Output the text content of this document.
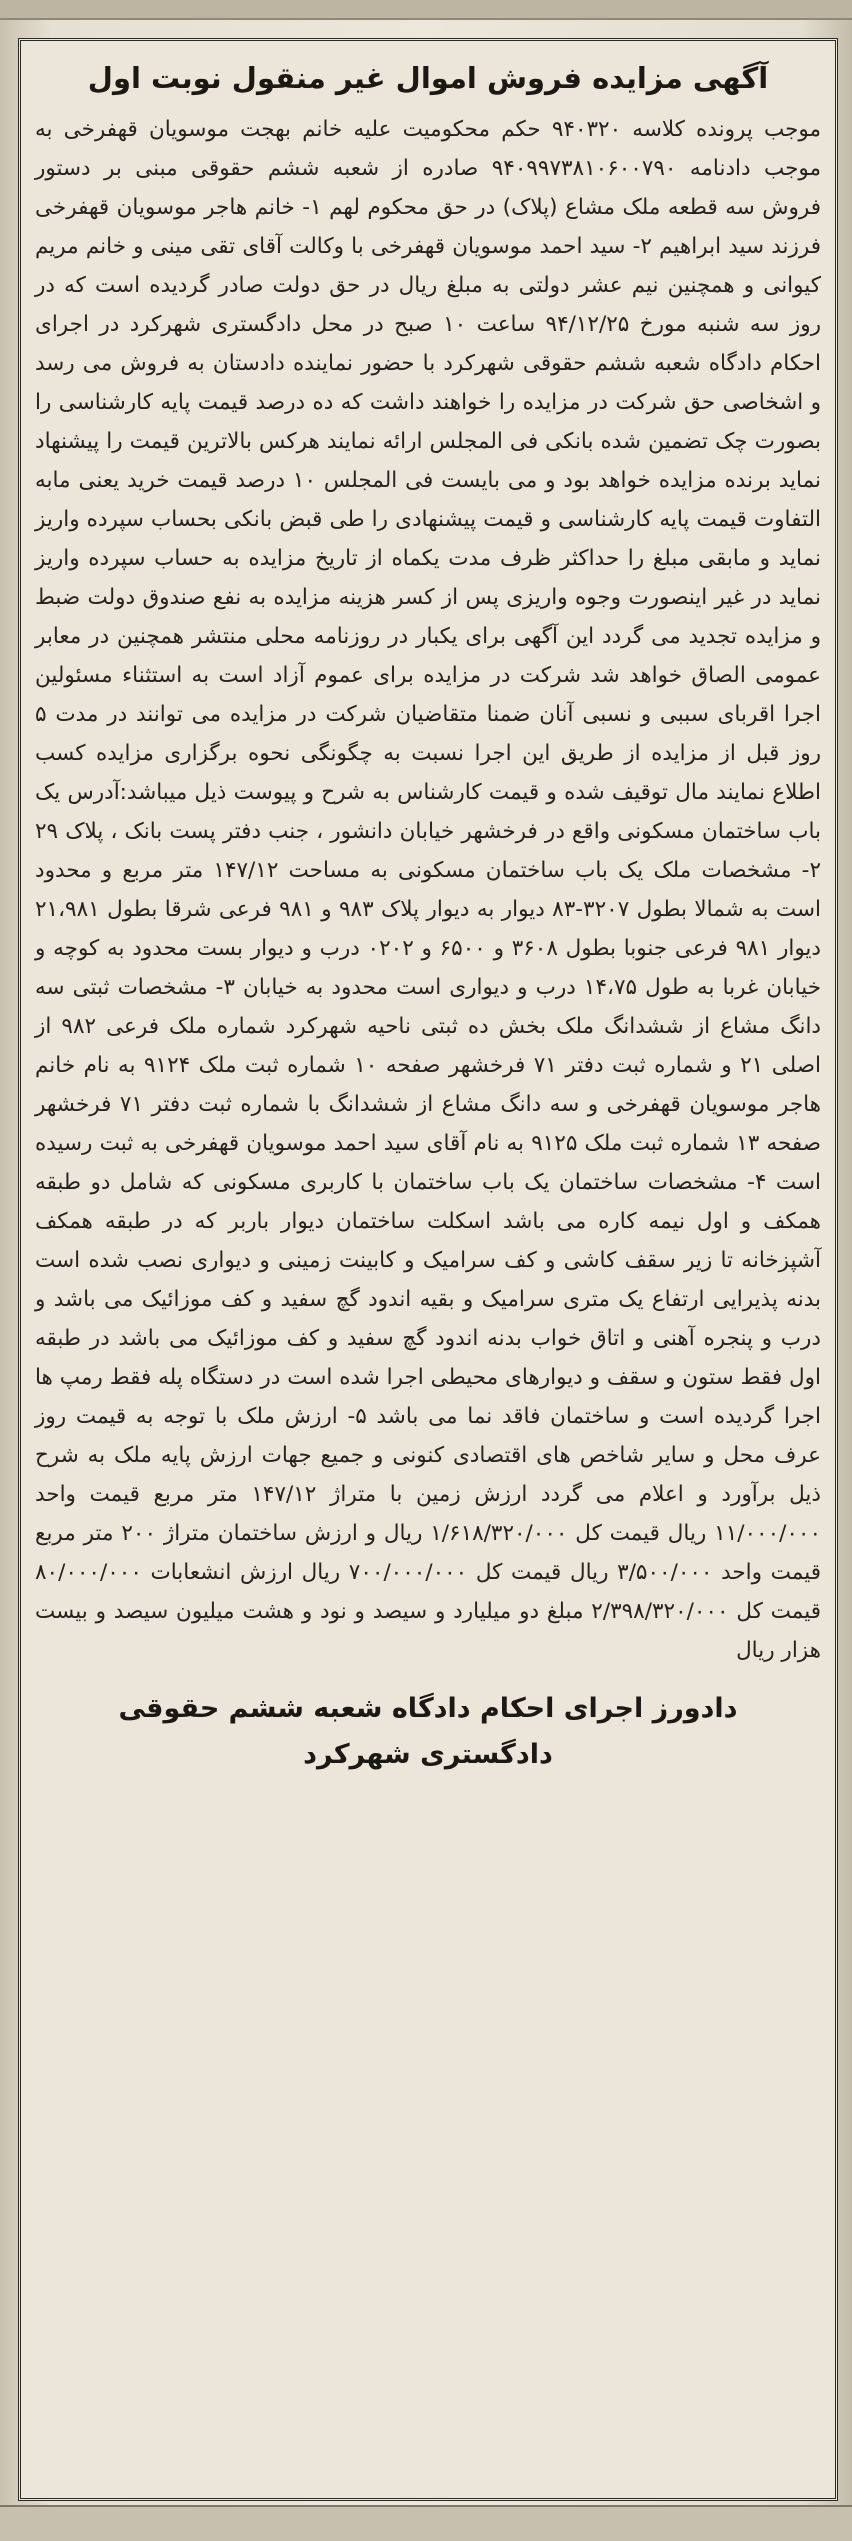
آگهی مزایده فروش اموال غیر منقول نوبت اول

موجب پرونده کلاسه ۹۴۰۳۲۰ حکم محکومیت علیه خانم بهجت موسویان قهفرخی به موجب دادنامه ۹۴۰۹۹۷۳۸۱۰۶۰۰۷۹۰ صادره از شعبه ششم حقوقی مبنی بر دستور فروش سه قطعه ملک مشاع (پلاک) در حق محکوم لهم ۱- خانم هاجر موسویان قهفرخی فرزند سید ابراهیم ۲- سید احمد موسویان قهفرخی با وکالت آقای تقی مینی و خانم مریم کیوانی و همچنین نیم عشر دولتی به مبلغ ریال در حق دولت صادر گردیده است که در روز سه شنبه مورخ ۹۴/۱۲/۲۵ ساعت ۱۰ صبح در محل دادگستری شهرکرد در اجرای احکام دادگاه شعبه ششم حقوقی شهرکرد با حضور نماینده دادستان به فروش می رسد و اشخاصی حق شرکت در مزایده را خواهند داشت که ده درصد قیمت پایه کارشناسی را بصورت چک تضمین شده بانکی فی المجلس ارائه نمایند هرکس بالاترین قیمت را پیشنهاد نماید برنده مزایده خواهد بود و می بایست فی المجلس ۱۰ درصد قیمت خرید یعنی مابه التفاوت قیمت پایه کارشناسی و قیمت پیشنهادی را طی قبض بانکی بحساب سپرده واریز نماید و مابقی مبلغ را حداکثر ظرف مدت یکماه از تاریخ مزایده به حساب سپرده واریز نماید در غیر اینصورت وجوه واریزی پس از کسر هزینه مزایده به نفع صندوق دولت ضبط و مزایده تجدید می گردد این آگهی برای یکبار در روزنامه محلی منتشر همچنین در معابر عمومی الصاق خواهد شد شرکت در مزایده برای عموم آزاد است به استثناء مسئولین اجرا اقربای سببی و نسبی آنان ضمنا متقاضیان شرکت در مزایده می توانند در مدت ۵ روز قبل از مزایده از طریق این اجرا نسبت به چگونگی نحوه برگزاری مزایده کسب اطلاع نمایند مال توقیف شده و قیمت کارشناس به شرح و پیوست ذیل میباشد:آدرس یک باب ساختمان مسکونی واقع در فرخشهر خیابان دانشور ، جنب دفتر پست بانک ، پلاک ۲۹ ۲- مشخصات ملک یک باب ساختمان مسکونی به مساحت ۱۴۷/۱۲ متر مربع و محدود است به شمالا بطول ۳۲۰۷-۸۳ دیوار به دیوار پلاک ۹۸۳ و ۹۸۱ فرعی شرقا بطول ۲۱،۹۸۱ دیوار ۹۸۱ فرعی جنوبا بطول ۳۶۰۸ و ۶۵۰۰ و ۰۲۰۲ درب و دیوار بست محدود به کوچه و خیابان غربا به طول ۱۴،۷۵ درب و دیواری است محدود به خیابان ۳- مشخصات ثبتی سه دانگ مشاع از ششدانگ ملک بخش ده ثبتی ناحیه شهرکرد شماره ملک فرعی ۹۸۲ از اصلی ۲۱ و شماره ثبت دفتر ۷۱ فرخشهر صفحه ۱۰ شماره ثبت ملک ۹۱۲۴ به نام خانم هاجر موسویان قهفرخی و سه دانگ مشاع از ششدانگ با شماره ثبت دفتر ۷۱ فرخشهر صفحه ۱۳ شماره ثبت ملک ۹۱۲۵ به نام آقای سید احمد موسویان قهفرخی به ثبت رسیده است ۴- مشخصات ساختمان یک باب ساختمان با کاربری مسکونی که شامل دو طبقه همکف و اول نیمه کاره می باشد اسکلت ساختمان دیوار باربر که در طبقه همکف آشپزخانه تا زیر سقف کاشی و کف سرامیک و کابینت زمینی و دیواری نصب شده است بدنه پذیرایی ارتفاع یک متری سرامیک و بقیه اندود گچ سفید و کف موزائیک می باشد و درب و پنجره آهنی و اتاق خواب بدنه اندود گچ سفید و کف موزائیک می باشد در طبقه اول فقط ستون و سقف و دیوارهای محیطی اجرا شده است در دستگاه پله فقط رمپ ها اجرا گردیده است و ساختمان فاقد نما می باشد ۵- ارزش ملک با توجه به قیمت روز عرف محل و سایر شاخص های اقتصادی کنونی و جمیع جهات ارزش پایه ملک به شرح ذیل برآورد و اعلام می گردد ارزش زمین با متراژ ۱۴۷/۱۲ متر مربع قیمت واحد ۱۱/۰۰۰/۰۰۰ ریال قیمت کل ۱/۶۱۸/۳۲۰/۰۰۰ ریال و ارزش ساختمان متراژ ۲۰۰ متر مربع قیمت واحد ۳/۵۰۰/۰۰۰ ریال قیمت کل ۷۰۰/۰۰۰/۰۰۰ ریال ارزش انشعابات ۸۰/۰۰۰/۰۰۰ قیمت کل ۲/۳۹۸/۳۲۰/۰۰۰ مبلغ دو میلیارد و سیصد و نود و هشت میلیون سیصد و بیست هزار ریال

دادورز اجرای احکام دادگاه شعبه ششم حقوقی
دادگستری شهرکرد
